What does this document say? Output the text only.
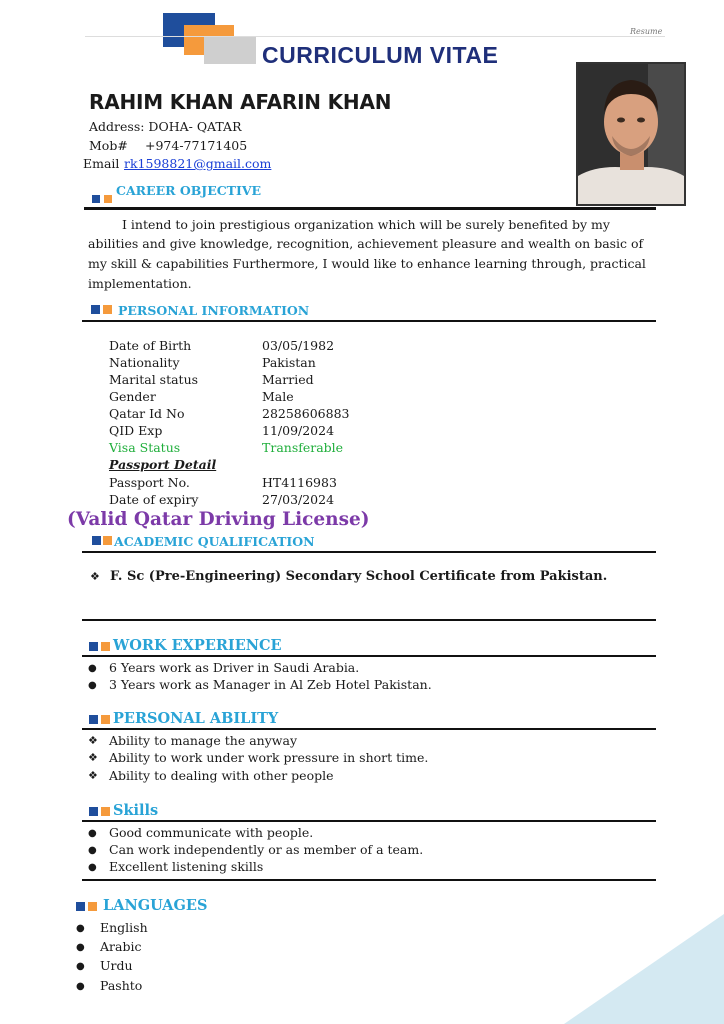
Resume
CURRICULUM VITAE
RAHIM KHAN AFARIN KHAN
Address: DOHA- QATAR
Mob# +974-77171405
Email rk1598821@gmail.com
CAREER OBJECTIVE
I intend to join prestigious organization which will be surely benefited by my
abilities and give knowledge, recognition, achievement pleasure and wealth on basic of
my skill & capabilities Furthermore, I would like to enhance learning through, practical
implementation.
PERSONAL INFORMATION
Date of Birth	03/05/1982
Nationality	Pakistan
Marital status	Married
Gender	Male
Qatar Id No	28258606883
QID Exp	11/09/2024
Visa Status	Transferable
Passport Detail
Passport No.	HT4116983
Date of expiry	27/03/2024
(Valid Qatar Driving License)
ACADEMIC QUALIFICATION
❖ F. Sc (Pre-Engineering) Secondary School Certificate from Pakistan.
WORK EXPERIENCE
● 6 Years work as Driver in Saudi Arabia.
● 3 Years work as Manager in Al Zeb Hotel Pakistan.
PERSONAL ABILITY
❖ Ability to manage the anyway
❖ Ability to work under work pressure in short time.
❖ Ability to dealing with other people
Skills
● Good communicate with people.
● Can work independently or as member of a team.
● Excellent listening skills
LANGUAGES
● English
● Arabic
● Urdu
● Pashto
